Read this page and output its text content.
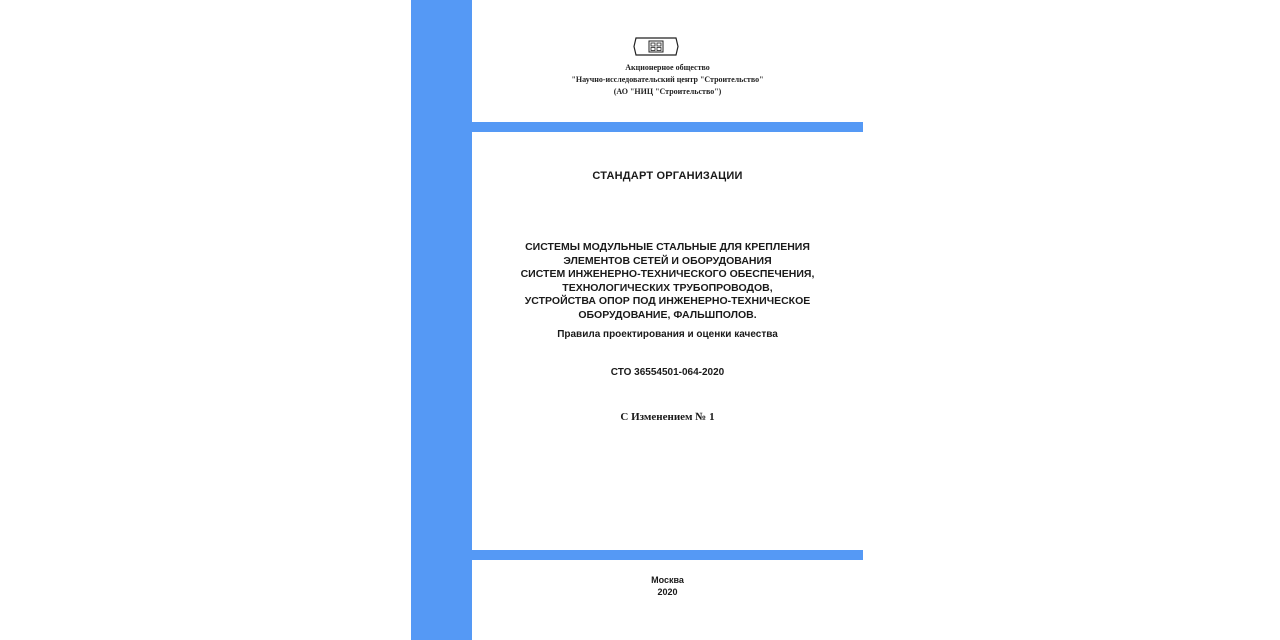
Акционерное общество
"Научно-исследовательский центр "Строительство"
(АО "НИЦ "Строительство")
СТАНДАРТ ОРГАНИЗАЦИИ
СИСТЕМЫ МОДУЛЬНЫЕ СТАЛЬНЫЕ ДЛЯ КРЕПЛЕНИЯ
ЭЛЕМЕНТОВ СЕТЕЙ И ОБОРУДОВАНИЯ
СИСТЕМ ИНЖЕНЕРНО-ТЕХНИЧЕСКОГО ОБЕСПЕЧЕНИЯ,
ТЕХНОЛОГИЧЕСКИХ ТРУБОПРОВОДОВ,
УСТРОЙСТВА ОПОР ПОД ИНЖЕНЕРНО-ТЕХНИЧЕСКОЕ
ОБОРУДОВАНИЕ, ФАЛЬШПОЛОВ.
Правила проектирования и оценки качества
СТО 36554501-064-2020
С Изменением № 1
Москва
2020
